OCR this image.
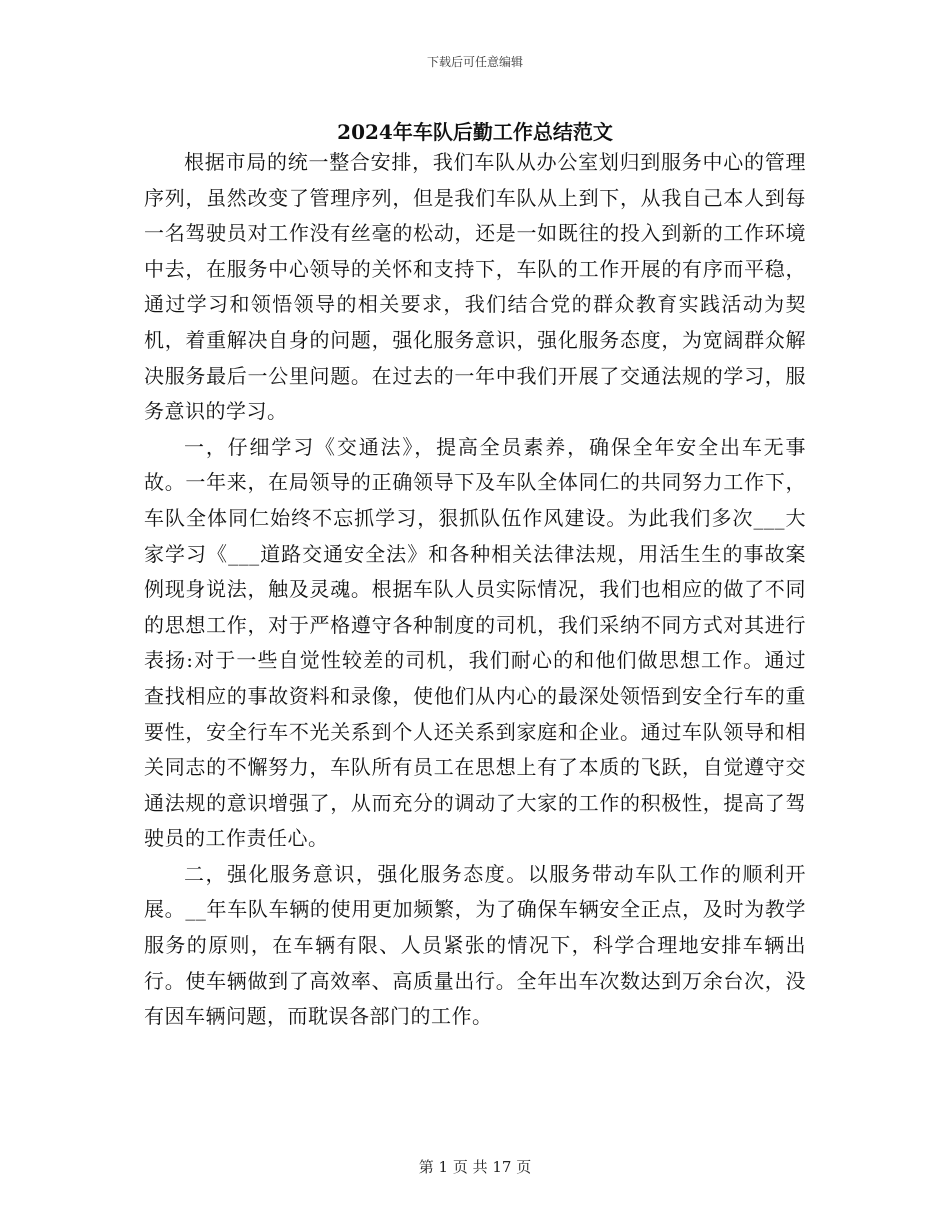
下载后可任意编辑
2024年车队后勤工作总结范文

根据市局的统一整合安排，我们车队从办公室划归到服务中心的管理序列，虽然改变了管理序列，但是我们车队从上到下，从我自己本人到每一名驾驶员对工作没有丝毫的松动，还是一如既往的投入到新的工作环境中去，在服务中心领导的关怀和支持下，车队的工作开展的有序而平稳，通过学习和领悟领导的相关要求，我们结合党的群众教育实践活动为契机，着重解决自身的问题，强化服务意识，强化服务态度，为宽阔群众解决服务最后一公里问题。在过去的一年中我们开展了交通法规的学习，服务意识的学习。

一，仔细学习《交通法》，提高全员素养，确保全年安全出车无事故。一年来，在局领导的正确领导下及车队全体同仁的共同努力工作下，车队全体同仁始终不忘抓学习，狠抓队伍作风建设。为此我们多次___大家学习《___道路交通安全法》和各种相关法律法规，用活生生的事故案例现身说法，触及灵魂。根据车队人员实际情况，我们也相应的做了不同的思想工作，对于严格遵守各种制度的司机，我们采纳不同方式对其进行表扬:对于一些自觉性较差的司机，我们耐心的和他们做思想工作。通过查找相应的事故资料和录像，使他们从内心的最深处领悟到安全行车的重要性，安全行车不光关系到个人还关系到家庭和企业。通过车队领导和相关同志的不懈努力，车队所有员工在思想上有了本质的飞跃，自觉遵守交通法规的意识增强了，从而充分的调动了大家的工作的积极性，提高了驾驶员的工作责任心。

二，强化服务意识，强化服务态度。以服务带动车队工作的顺利开展。__年车队车辆的使用更加频繁，为了确保车辆安全正点，及时为教学服务的原则，在车辆有限、人员紧张的情况下，科学合理地安排车辆出行。使车辆做到了高效率、高质量出行。全年出车次数达到万余台次，没有因车辆问题，而耽误各部门的工作。

第 1 页 共 17 页
